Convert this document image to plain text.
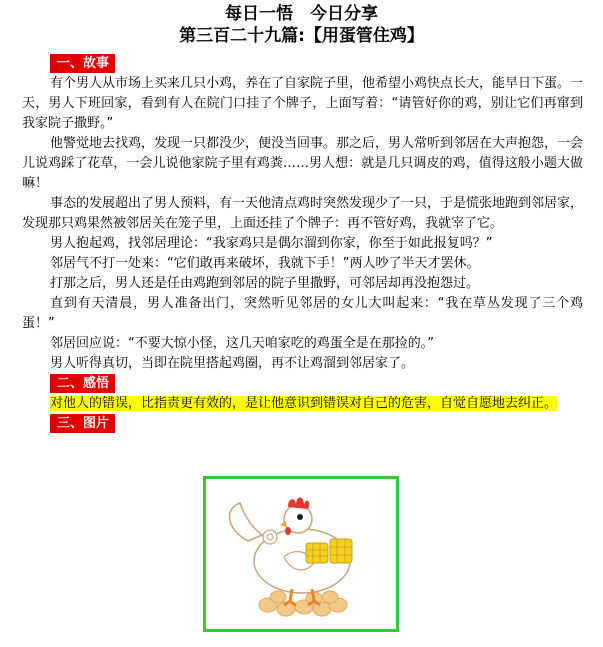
每日一悟　今日分享
第三百二十九篇:【用蛋管住鸡】
一、故事

有个男人从市场上买来几只小鸡，养在了自家院子里，他希望小鸡快点长大，能早日下蛋。一天，男人下班回家，看到有人在院门口挂了个牌子，上面写着：“请管好你的鸡，别让它们再窜到我家院子撒野。”

他警觉地去找鸡，发现一只都没少，便没当回事。那之后，男人常听到邻居在大声抱怨，一会儿说鸡踩了花草，一会儿说他家院子里有鸡粪……男人想：就是几只调皮的鸡，值得这般小题大做嘛！

事态的发展超出了男人预料，有一天他清点鸡时突然发现少了一只，于是慌张地跑到邻居家，发现那只鸡果然被邻居关在笼子里，上面还挂了个牌子：再不管好鸡，我就宰了它。

男人抱起鸡，找邻居理论：“我家鸡只是偶尔溜到你家，你至于如此报复吗？”

邻居气不打一处来：“它们敢再来破坏，我就下手！”两人吵了半天才罢休。

打那之后，男人还是任由鸡跑到邻居的院子里撒野，可邻居却再没抱怨过。

直到有天清晨，男人准备出门，突然听见邻居的女儿大叫起来：“我在草丛发现了三个鸡蛋！”

邻居回应说：“不要大惊小怪，这几天咱家吃的鸡蛋全是在那捡的。”

男人听得真切，当即在院里搭起鸡圈，再不让鸡溜到邻居家了。

二、感悟

对他人的错误，比指责更有效的，是让他意识到错误对自己的危害，自觉自愿地去纠正。

三、图片
